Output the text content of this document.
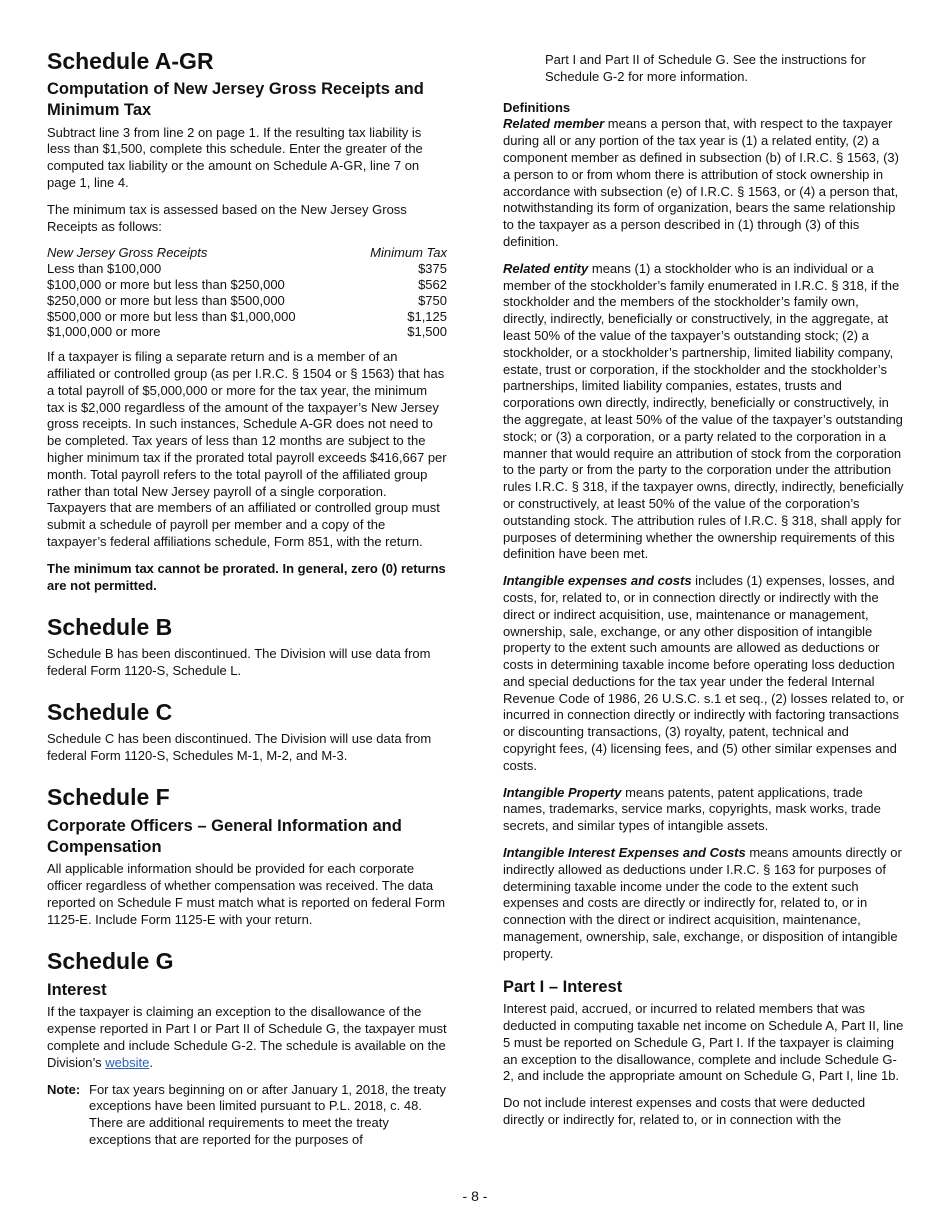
Schedule A-GR
Computation of New Jersey Gross Receipts and Minimum Tax

Subtract line 3 from line 2 on page 1. If the resulting tax liability is less than $1,500, complete this schedule. Enter the greater of the computed tax liability or the amount on Schedule A-GR, line 7 on page 1, line 4.

The minimum tax is assessed based on the New Jersey Gross Receipts as follows:

New Jersey Gross Receipts	Minimum Tax
Less than $100,000	$375
$100,000 or more but less than $250,000	$562
$250,000 or more but less than $500,000	$750
$500,000 or more but less than $1,000,000	$1,125
$1,000,000 or more	$1,500

If a taxpayer is filing a separate return and is a member of an affiliated or controlled group (as per I.R.C. § 1504 or § 1563) that has a total payroll of $5,000,000 or more for the tax year, the minimum tax is $2,000 regardless of the amount of the taxpayer’s New Jersey gross receipts. In such instances, Schedule A-GR does not need to be completed. Tax years of less than 12 months are subject to the higher minimum tax if the prorated total payroll exceeds $416,667 per month. Total payroll refers to the total payroll of the affiliated group rather than total New Jersey payroll of a single corporation. Taxpayers that are members of an affiliated or controlled group must submit a schedule of payroll per member and a copy of the taxpayer’s federal affiliations schedule, Form 851, with the return.

The minimum tax cannot be prorated. In general, zero (0) returns are not permitted.

Schedule B

Schedule B has been discontinued. The Division will use data from federal Form 1120-S, Schedule L.

Schedule C

Schedule C has been discontinued. The Division will use data from federal Form 1120-S, Schedules M-1, M-2, and M-3.

Schedule F
Corporate Officers – General Information and Compensation

All applicable information should be provided for each corporate officer regardless of whether compensation was received. The data reported on Schedule F must match what is reported on federal Form 1125-E. Include Form 1125-E with your return.

Schedule G
Interest

If the taxpayer is claiming an exception to the disallowance of the expense reported in Part I or Part II of Schedule G, the taxpayer must complete and include Schedule G-2. The schedule is available on the Division’s website.

Note: For tax years beginning on or after January 1, 2018, the treaty exceptions have been limited pursuant to P.L. 2018, c. 48. There are additional requirements to meet the treaty exceptions that are reported for the purposes of

Part I and Part II of Schedule G. See the instructions for Schedule G-2 for more information.

Definitions

Related member means a person that, with respect to the taxpayer during all or any portion of the tax year is (1) a related entity, (2) a component member as defined in subsection (b) of I.R.C. § 1563, (3) a person to or from whom there is attribution of stock ownership in accordance with subsection (e) of I.R.C. § 1563, or (4) a person that, notwithstanding its form of organization, bears the same relationship to the taxpayer as a person described in (1) through (3) of this definition.

Related entity means (1) a stockholder who is an individual or a member of the stockholder’s family enumerated in I.R.C. § 318, if the stockholder and the members of the stockholder’s family own, directly, indirectly, beneficially or constructively, in the aggregate, at least 50% of the value of the taxpayer’s outstanding stock; (2) a stockholder, or a stockholder’s partnership, limited liability company, estate, trust or corporation, if the stockholder and the stockholder’s partnerships, limited liability companies, estates, trusts and corporations own directly, indirectly, beneficially or constructively, in the aggregate, at least 50% of the value of the taxpayer’s outstanding stock; or (3) a corporation, or a party related to the corporation in a manner that would require an attribution of stock from the corporation to the party or from the party to the corporation under the attribution rules I.R.C. § 318, if the taxpayer owns, directly, indirectly, beneficially or constructively, at least 50% of the value of the corporation’s outstanding stock. The attribution rules of I.R.C. § 318, shall apply for purposes of determining whether the ownership requirements of this definition have been met.

Intangible expenses and costs includes (1) expenses, losses, and costs, for, related to, or in connection directly or indirectly with the direct or indirect acquisition, use, maintenance or management, ownership, sale, exchange, or any other disposition of intangible property to the extent such amounts are allowed as deductions or costs in determining taxable income before operating loss deduction and special deductions for the tax year under the federal Internal Revenue Code of 1986, 26 U.S.C. s.1 et seq., (2) losses related to, or incurred in connection directly or indirectly with factoring transactions or discounting transactions, (3) royalty, patent, technical and copyright fees, (4) licensing fees, and (5) other similar expenses and costs.

Intangible Property means patents, patent applications, trade names, trademarks, service marks, copyrights, mask works, trade secrets, and similar types of intangible assets.

Intangible Interest Expenses and Costs means amounts directly or indirectly allowed as deductions under I.R.C. § 163 for purposes of determining taxable income under the code to the extent such expenses and costs are directly or indirectly for, related to, or in connection with the direct or indirect acquisition, maintenance, management, ownership, sale, exchange, or disposition of intangible property.

Part I – Interest

Interest paid, accrued, or incurred to related members that was deducted in computing taxable net income on Schedule A, Part II, line 5 must be reported on Schedule G, Part I. If the taxpayer is claiming an exception to the disallowance, complete and include Schedule G-2, and include the appropriate amount on Schedule G, Part I, line 1b.

Do not include interest expenses and costs that were deducted directly or indirectly for, related to, or in connection with the

- 8 -
